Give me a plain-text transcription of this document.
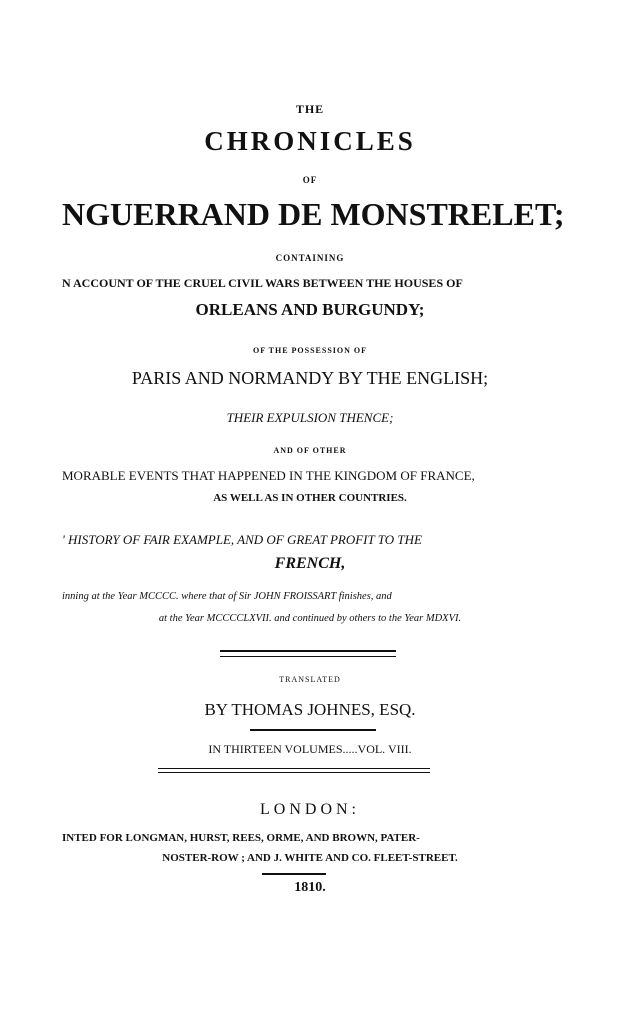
THE
CHRONICLES
OF
NGUERRAND DE MONSTRELET;
CONTAINING
N ACCOUNT OF THE CRUEL CIVIL WARS BETWEEN THE HOUSES OF
ORLEANS AND BURGUNDY;
OF THE POSSESSION OF
PARIS AND NORMANDY BY THE ENGLISH;
THEIR EXPULSION THENCE;
AND OF OTHER
MORABLE EVENTS THAT HAPPENED IN THE KINGDOM OF FRANCE,
AS WELL AS IN OTHER COUNTRIES.
' HISTORY OF FAIR EXAMPLE, AND OF GREAT PROFIT TO THE
FRENCH,
inning at the Year MCCCC. where that of Sir JOHN FROISSART finishes, and
at the Year MCCCCLXVII. and continued by others to the Year MDXVI.
TRANSLATED
BY THOMAS JOHNES, ESQ.
IN THIRTEEN VOLUMES.....VOL. VIII.
LONDON:
INTED FOR LONGMAN, HURST, REES, ORME, AND BROWN, PATER-
NOSTER-ROW ; AND J. WHITE AND CO. FLEET-STREET.
1810.
